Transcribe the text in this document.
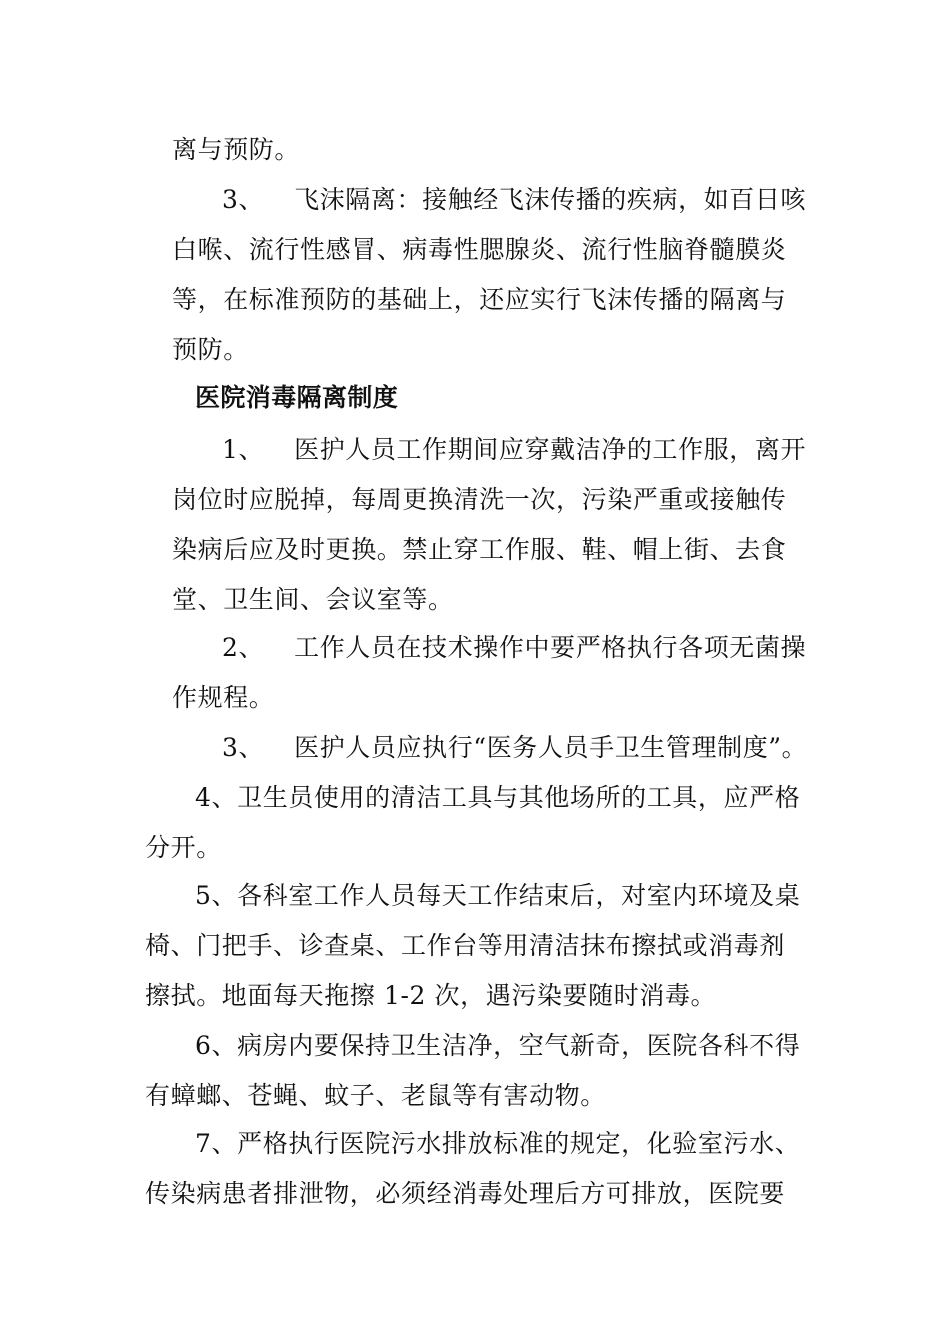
离与预防。

3、 飞沫隔离：接触经飞沫传播的疾病，如百日咳

白喉、流行性感冒、病毒性腮腺炎、流行性脑脊髓膜炎

等，在标准预防的基础上，还应实行飞沫传播的隔离与

预防。

医院消毒隔离制度

1、 医护人员工作期间应穿戴洁净的工作服，离开

岗位时应脱掉，每周更换清洗一次，污染严重或接触传

染病后应及时更换。禁止穿工作服、鞋、帽上街、去食

堂、卫生间、会议室等。

2、 工作人员在技术操作中要严格执行各项无菌操

作规程。

3、 医护人员应执行“医务人员手卫生管理制度”。

4、卫生员使用的清洁工具与其他场所的工具，应严格

分开。

5、各科室工作人员每天工作结束后，对室内环境及桌

椅、门把手、诊查桌、工作台等用清洁抹布擦拭或消毒剂

擦拭。地面每天拖擦 1-2 次，遇污染要随时消毒。

6、病房内要保持卫生洁净，空气新奇，医院各科不得

有蟑螂、苍蝇、蚊子、老鼠等有害动物。

7、严格执行医院污水排放标准的规定，化验室污水、

传染病患者排泄物，必须经消毒处理后方可排放，医院要
